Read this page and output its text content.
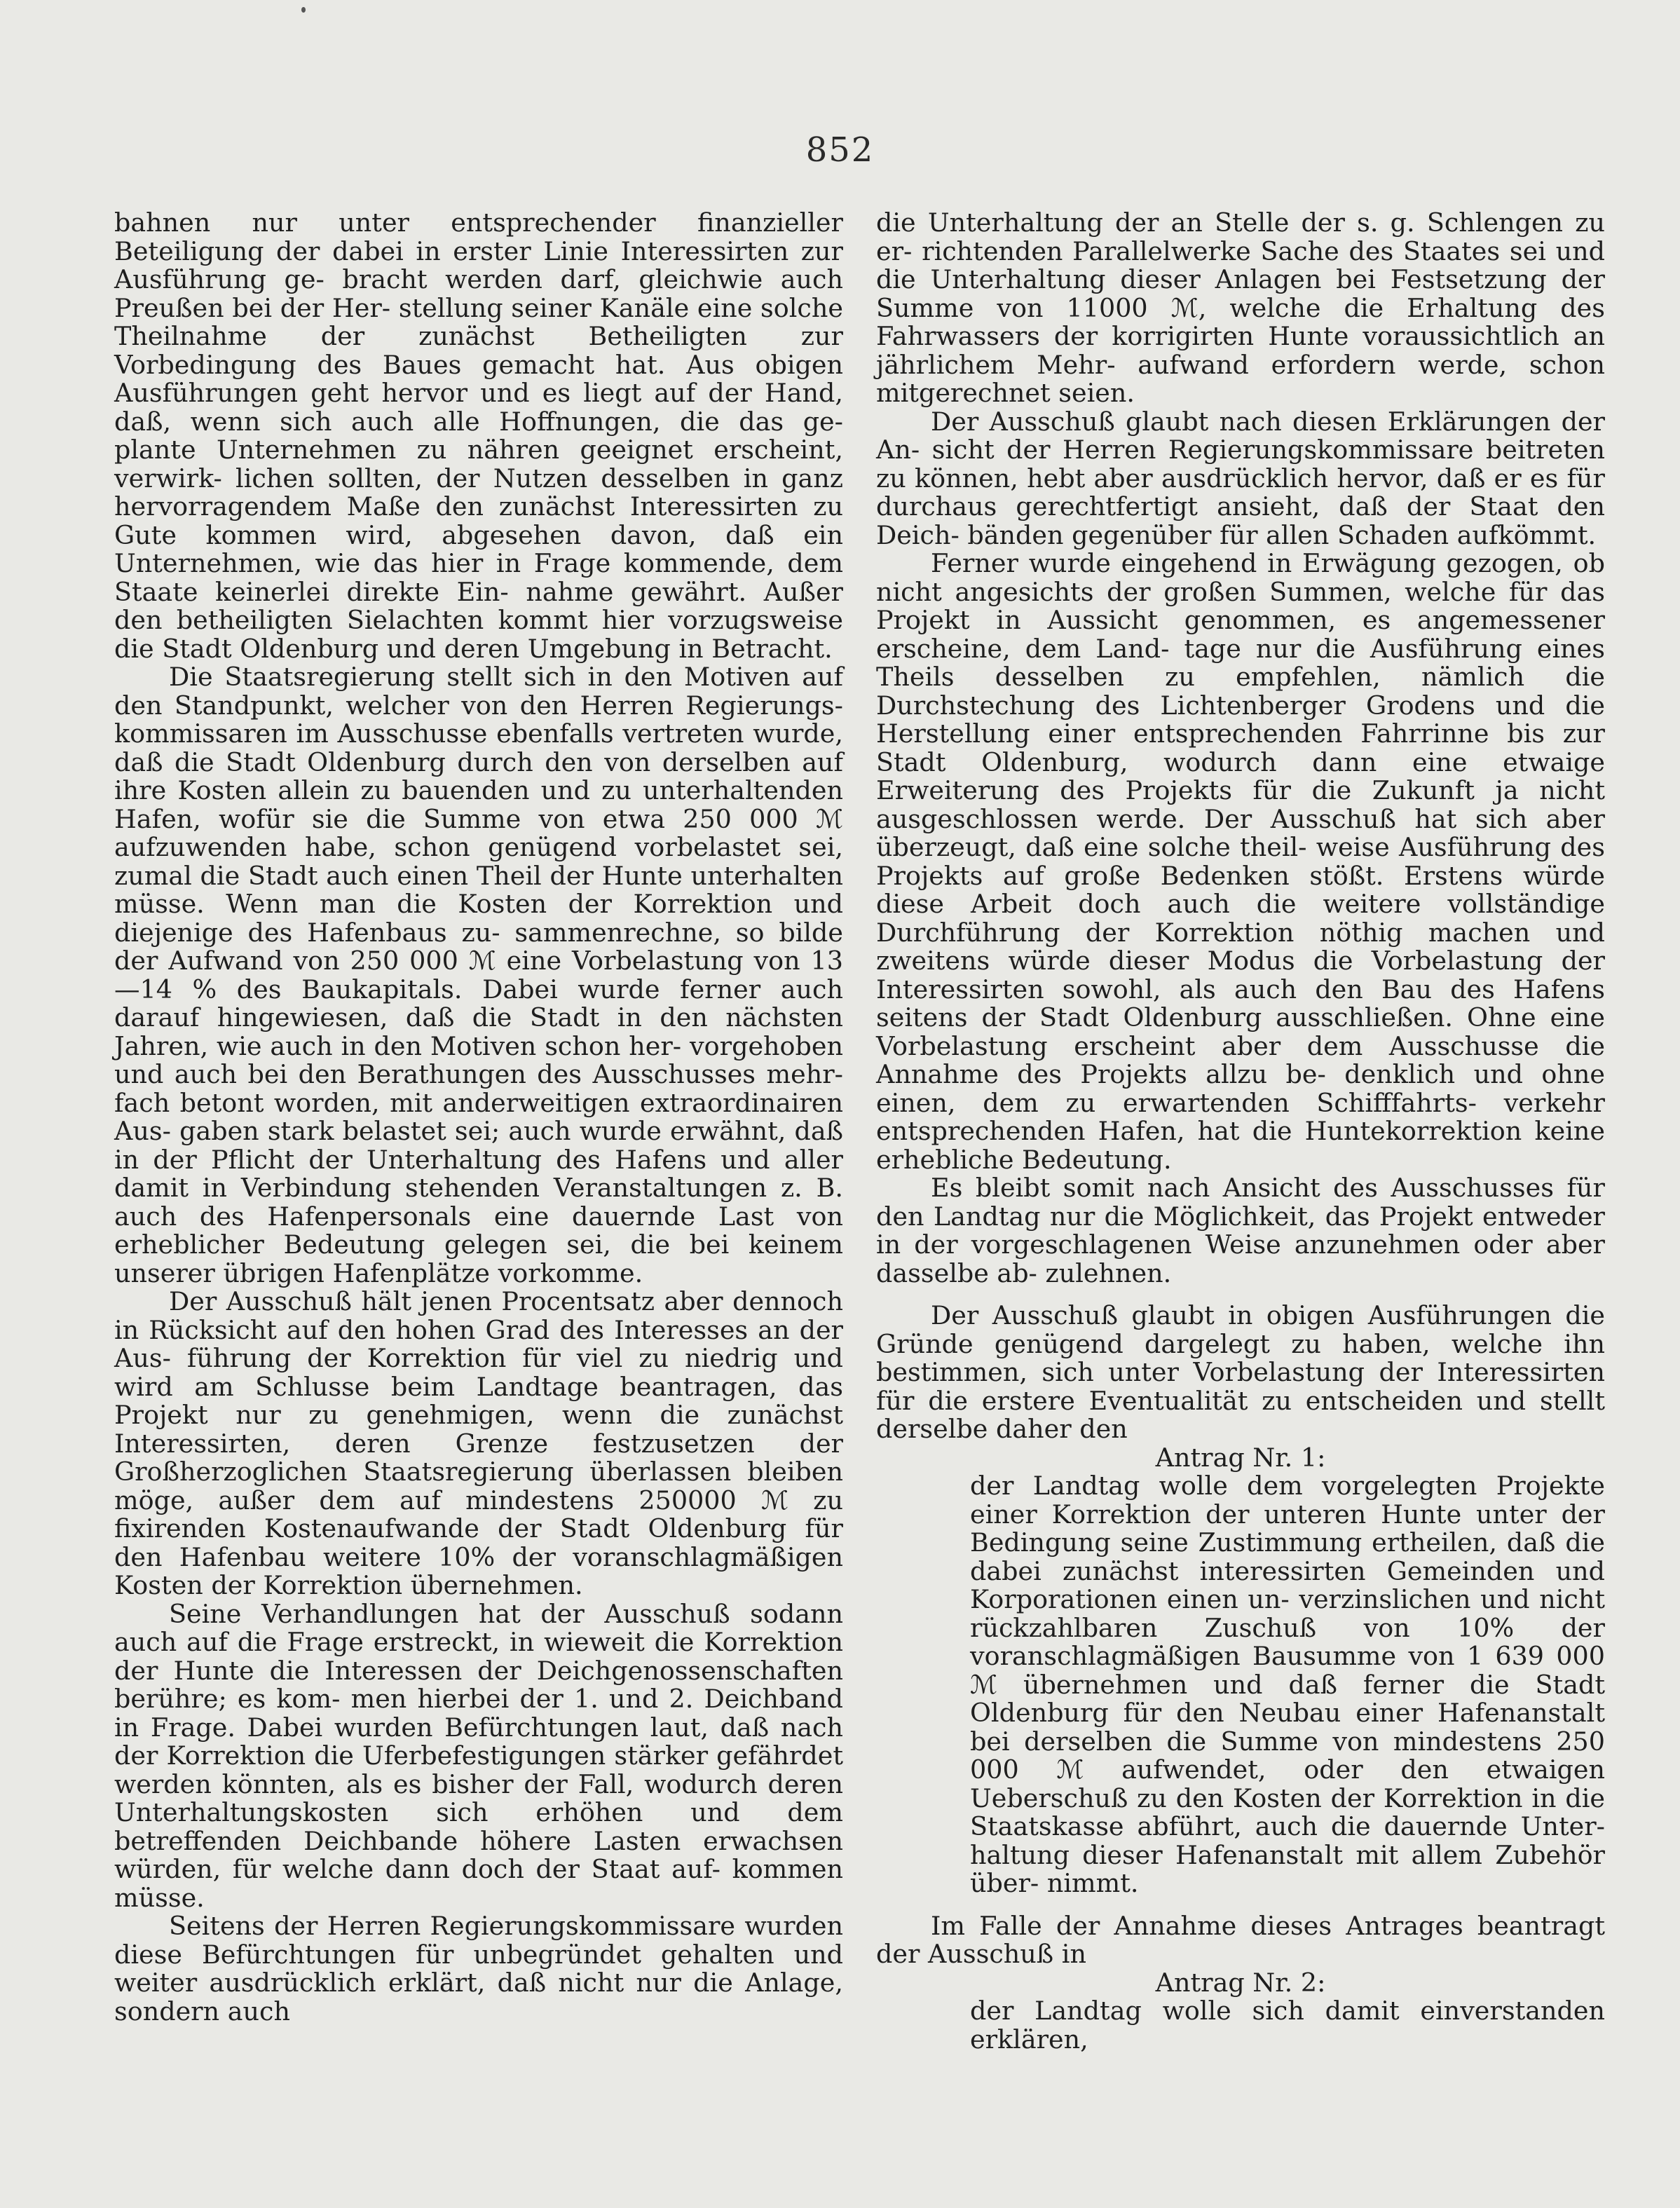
852

bahnen nur unter entsprechender finanzieller Beteiligung der dabei in erster Linie Interessirten zur Ausführung ge- bracht werden darf, gleichwie auch Preußen bei der Her- stellung seiner Kanäle eine solche Theilnahme der zunächst Betheiligten zur Vorbedingung des Baues gemacht hat. Aus obigen Ausführungen geht hervor und es liegt auf der Hand, daß, wenn sich auch alle Hoffnungen, die das ge- plante Unternehmen zu nähren geeignet erscheint, verwirk- lichen sollten, der Nutzen desselben in ganz hervorragendem Maße den zunächst Interessirten zu Gute kommen wird, abgesehen davon, daß ein Unternehmen, wie das hier in Frage kommende, dem Staate keinerlei direkte Ein- nahme gewährt. Außer den betheiligten Sielachten kommt hier vorzugsweise die Stadt Oldenburg und deren Umgebung in Betracht.

Die Staatsregierung stellt sich in den Motiven auf den Standpunkt, welcher von den Herren Regierungs- kommissaren im Ausschusse ebenfalls vertreten wurde, daß die Stadt Oldenburg durch den von derselben auf ihre Kosten allein zu bauenden und zu unterhaltenden Hafen, wofür sie die Summe von etwa 250 000 ℳ aufzuwenden habe, schon genügend vorbelastet sei, zumal die Stadt auch einen Theil der Hunte unterhalten müsse. Wenn man die Kosten der Korrektion und diejenige des Hafenbaus zu- sammenrechne, so bilde der Aufwand von 250 000 ℳ eine Vorbelastung von 13—14 % des Baukapitals. Dabei wurde ferner auch darauf hingewiesen, daß die Stadt in den nächsten Jahren, wie auch in den Motiven schon her- vorgehoben und auch bei den Berathungen des Ausschusses mehr- fach betont worden, mit anderweitigen extraordinairen Aus- gaben stark belastet sei; auch wurde erwähnt, daß in der Pflicht der Unterhaltung des Hafens und aller damit in Verbindung stehenden Veranstaltungen z. B. auch des Hafenpersonals eine dauernde Last von erheblicher Bedeutung gelegen sei, die bei keinem unserer übrigen Hafenplätze vorkomme.

Der Ausschuß hält jenen Procentsatz aber dennoch in Rücksicht auf den hohen Grad des Interesses an der Aus- führung der Korrektion für viel zu niedrig und wird am Schlusse beim Landtage beantragen, das Projekt nur zu genehmigen, wenn die zunächst Interessirten, deren Grenze festzusetzen der Großherzoglichen Staatsregierung überlassen bleiben möge, außer dem auf mindestens 250000 ℳ zu fixirenden Kostenaufwande der Stadt Oldenburg für den Hafenbau weitere 10% der voranschlagmäßigen Kosten der Korrektion übernehmen.

Seine Verhandlungen hat der Ausschuß sodann auch auf die Frage erstreckt, in wieweit die Korrektion der Hunte die Interessen der Deichgenossenschaften berühre; es kom- men hierbei der 1. und 2. Deichband in Frage. Dabei wurden Befürchtungen laut, daß nach der Korrektion die Uferbefestigungen stärker gefährdet werden könnten, als es bisher der Fall, wodurch deren Unterhaltungskosten sich erhöhen und dem betreffenden Deichbande höhere Lasten erwachsen würden, für welche dann doch der Staat auf- kommen müsse.

Seitens der Herren Regierungskommissare wurden diese Befürchtungen für unbegründet gehalten und weiter ausdrücklich erklärt, daß nicht nur die Anlage, sondern auch

die Unterhaltung der an Stelle der s. g. Schlengen zu er- richtenden Parallelwerke Sache des Staates sei und die Unterhaltung dieser Anlagen bei Festsetzung der Summe von 11000 ℳ, welche die Erhaltung des Fahrwassers der korrigirten Hunte voraussichtlich an jährlichem Mehr- aufwand erfordern werde, schon mitgerechnet seien.

Der Ausschuß glaubt nach diesen Erklärungen der An- sicht der Herren Regierungskommissare beitreten zu können, hebt aber ausdrücklich hervor, daß er es für durchaus gerechtfertigt ansieht, daß der Staat den Deich- bänden gegenüber für allen Schaden aufkömmt.

Ferner wurde eingehend in Erwägung gezogen, ob nicht angesichts der großen Summen, welche für das Projekt in Aussicht genommen, es angemessener erscheine, dem Land- tage nur die Ausführung eines Theils desselben zu empfehlen, nämlich die Durchstechung des Lichtenberger Grodens und die Herstellung einer entsprechenden Fahrrinne bis zur Stadt Oldenburg, wodurch dann eine etwaige Erweiterung des Projekts für die Zukunft ja nicht ausgeschlossen werde. Der Ausschuß hat sich aber überzeugt, daß eine solche theil- weise Ausführung des Projekts auf große Bedenken stößt. Erstens würde diese Arbeit doch auch die weitere vollständige Durchführung der Korrektion nöthig machen und zweitens würde dieser Modus die Vorbelastung der Interessirten sowohl, als auch den Bau des Hafens seitens der Stadt Oldenburg ausschließen. Ohne eine Vorbelastung erscheint aber dem Ausschusse die Annahme des Projekts allzu be- denklich und ohne einen, dem zu erwartenden Schifffahrts- verkehr entsprechenden Hafen, hat die Huntekorrektion keine erhebliche Bedeutung.

Es bleibt somit nach Ansicht des Ausschusses für den Landtag nur die Möglichkeit, das Projekt entweder in der vorgeschlagenen Weise anzunehmen oder aber dasselbe ab- zulehnen.

Der Ausschuß glaubt in obigen Ausführungen die Gründe genügend dargelegt zu haben, welche ihn bestimmen, sich unter Vorbelastung der Interessirten für die erstere Eventualität zu entscheiden und stellt derselbe daher den

Antrag Nr. 1:

der Landtag wolle dem vorgelegten Projekte einer Korrektion der unteren Hunte unter der Bedingung seine Zustimmung ertheilen, daß die dabei zunächst interessirten Gemeinden und Korporationen einen un- verzinslichen und nicht rückzahlbaren Zuschuß von 10% der voranschlagmäßigen Bausumme von 1 639 000 ℳ übernehmen und daß ferner die Stadt Oldenburg für den Neubau einer Hafenanstalt bei derselben die Summe von mindestens 250 000 ℳ aufwendet, oder den etwaigen Ueberschuß zu den Kosten der Korrektion in die Staatskasse abführt, auch die dauernde Unter- haltung dieser Hafenanstalt mit allem Zubehör über- nimmt.

Im Falle der Annahme dieses Antrages beantragt der Ausschuß in

Antrag Nr. 2:

der Landtag wolle sich damit einverstanden erklären,
